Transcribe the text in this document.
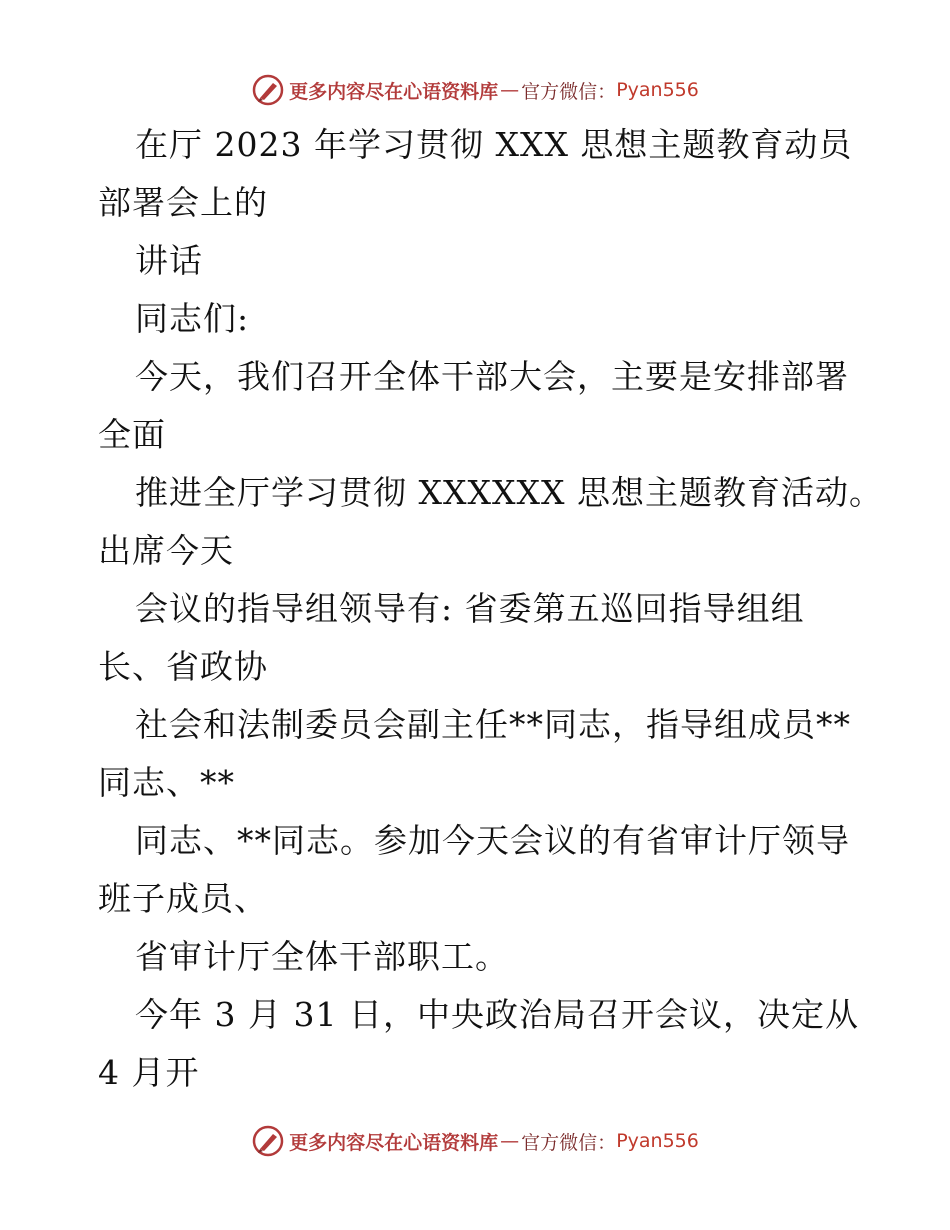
更多内容尽在心语资料库 — 官方微信： Pyan556
在厅 2023 年学习贯彻 XXX 思想主题教育动员
部署会上的
讲话
同志们:
今天，我们召开全体干部大会，主要是安排部署
全面
推进全厅学习贯彻 XXXXXX 思想主题教育活动。
出席今天
会议的指导组领导有: 省委第五巡回指导组组
长、省政协
社会和法制委员会副主任**同志，指导组成员**
同志、**
同志、**同志。参加今天会议的有省审计厅领导
班子成员、
省审计厅全体干部职工。
今年 3 月 31 日，中央政治局召开会议，决定从
4 月开
更多内容尽在心语资料库 — 官方微信： Pyan556
